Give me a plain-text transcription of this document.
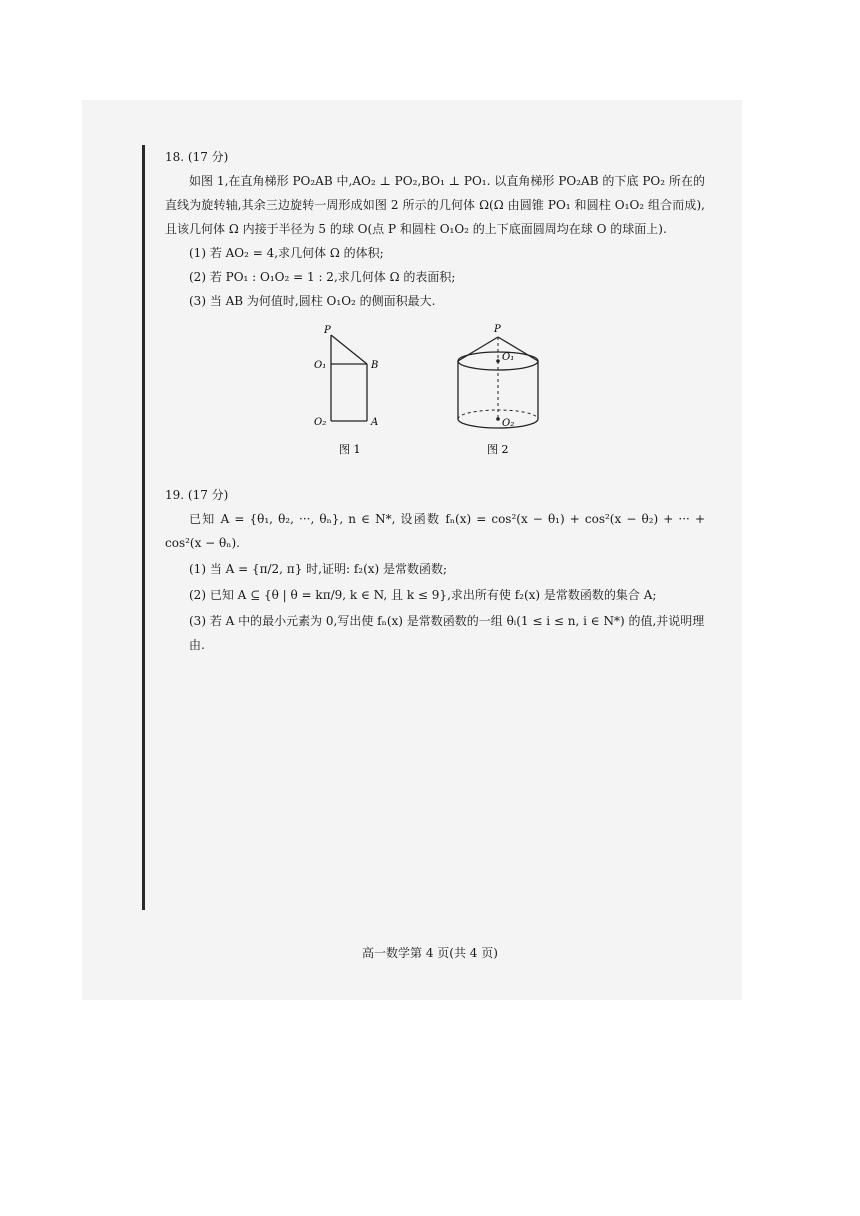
18. (17 分)

如图 1,在直角梯形 PO₂AB 中,AO₂ ⊥ PO₂,BO₁ ⊥ PO₁. 以直角梯形 PO₂AB 的下底 PO₂ 所在的直线为旋转轴,其余三边旋转一周形成如图 2 所示的几何体 Ω(Ω 由圆锥 PO₁ 和圆柱 O₁O₂ 组合而成),且该几何体 Ω 内接于半径为 5 的球 O(点 P 和圆柱 O₁O₂ 的上下底面圆周均在球 O 的球面上).

(1) 若 AO₂ = 4,求几何体 Ω 的体积;

(2) 若 PO₁ : O₁O₂ = 1 : 2,求几何体 Ω 的表面积;

(3) 当 AB 为何值时,圆柱 O₁O₂ 的侧面积最大.

P
O₁	B
O₂	A
图 1
P
O₁
O₂
图 2

19. (17 分)

已知 A = {θ₁, θ₂, ···, θₙ}, n ∈ N*, 设函数 fₙ(x) = cos²(x − θ₁) + cos²(x − θ₂) + ··· + cos²(x − θₙ).

(1) 当 A = {π/2, π} 时,证明: f₂(x) 是常数函数;

(2) 已知 A ⊆ {θ | θ = kπ/9, k ∈ N, 且 k ≤ 9},求出所有使 f₂(x) 是常数函数的集合 A;

(3) 若 A 中的最小元素为 0,写出使 fₙ(x) 是常数函数的一组 θᵢ(1 ≤ i ≤ n, i ∈ N*) 的值,并说明理由.

高一数学第 4 页(共 4 页)
